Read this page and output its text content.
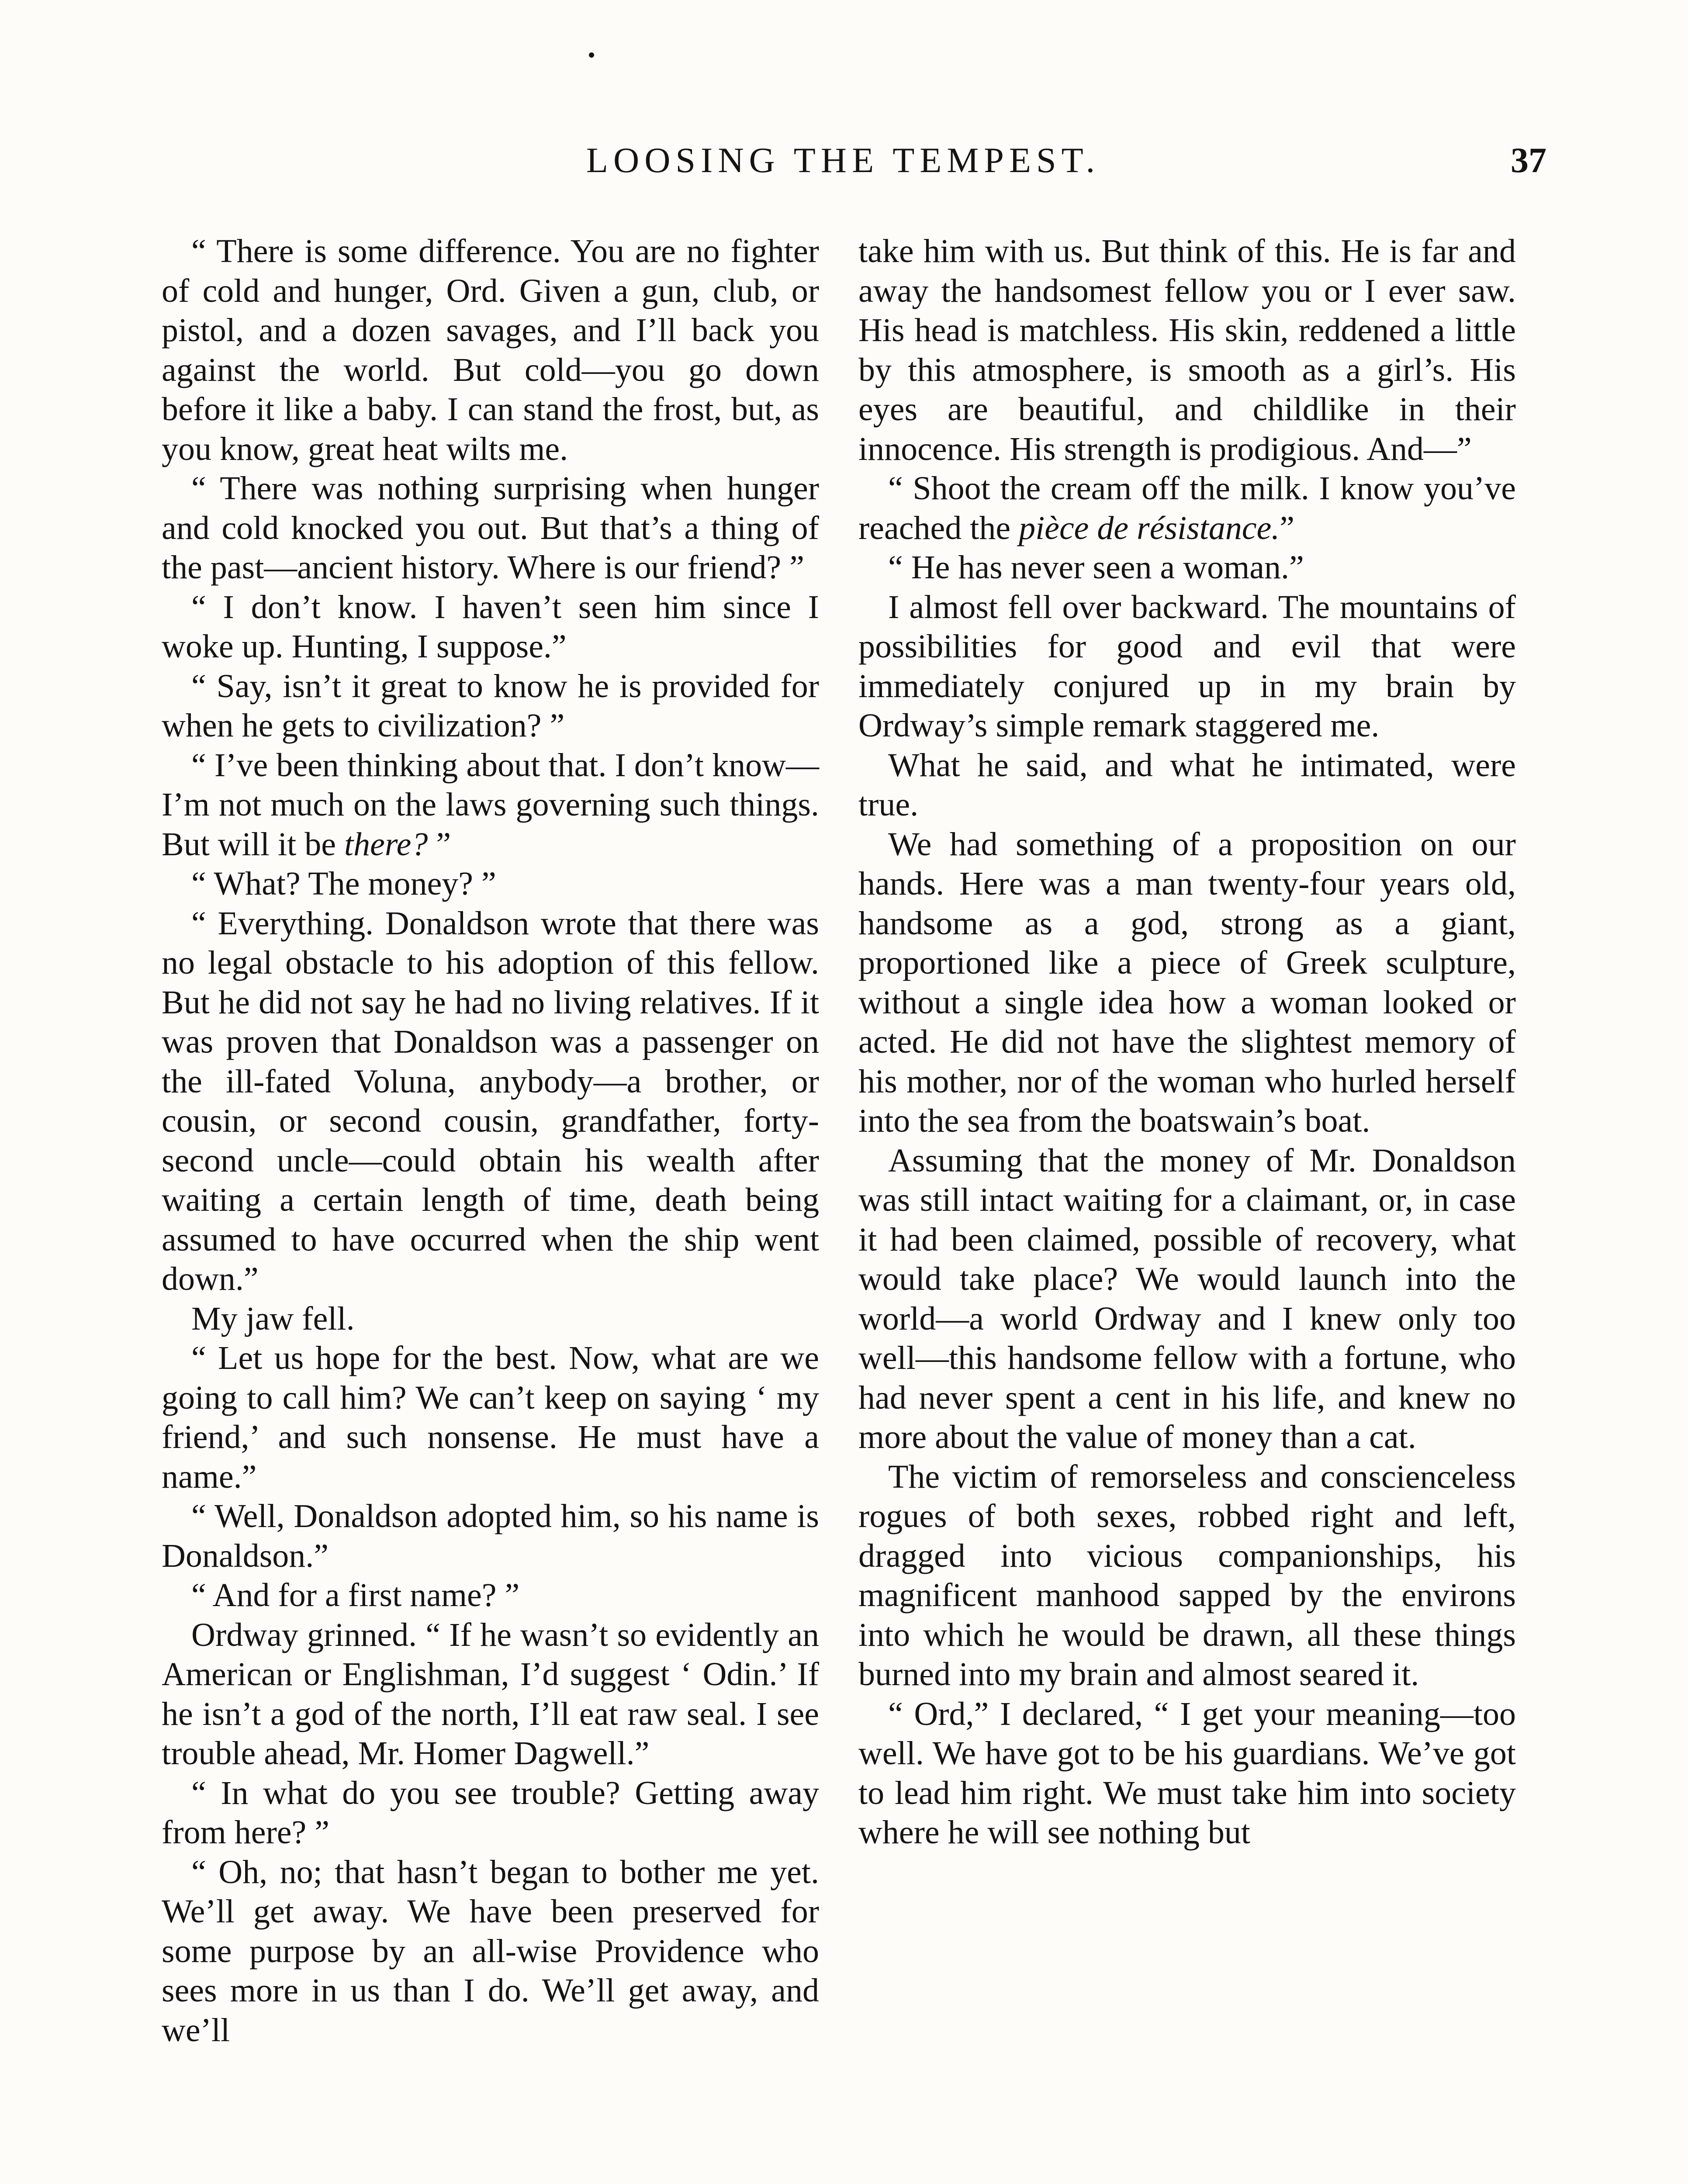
LOOSING THE TEMPEST.	37

“ There is some difference. You are no fighter of cold and hunger, Ord. Given a gun, club, or pistol, and a dozen savages, and I’ll back you against the world. But cold—you go down before it like a baby. I can stand the frost, but, as you know, great heat wilts me.

“ There was nothing surprising when hunger and cold knocked you out. But that’s a thing of the past—ancient history. Where is our friend? ”

“ I don’t know. I haven’t seen him since I woke up. Hunting, I suppose.”

“ Say, isn’t it great to know he is provided for when he gets to civilization? ”

“ I’ve been thinking about that. I don’t know—I’m not much on the laws governing such things. But will it be there? ”

“ What? The money? ”

“ Everything. Donaldson wrote that there was no legal obstacle to his adoption of this fellow. But he did not say he had no living relatives. If it was proven that Donaldson was a passenger on the ill-fated Voluna, anybody—a brother, or cousin, or second cousin, grandfather, forty-second uncle—could obtain his wealth after waiting a certain length of time, death being assumed to have occurred when the ship went down.”

My jaw fell.

“ Let us hope for the best. Now, what are we going to call him? We can’t keep on saying ‘ my friend,’ and such nonsense. He must have a name.”

“ Well, Donaldson adopted him, so his name is Donaldson.”

“ And for a first name? ”

Ordway grinned. “ If he wasn’t so evidently an American or Englishman, I’d suggest ‘ Odin.’ If he isn’t a god of the north, I’ll eat raw seal. I see trouble ahead, Mr. Homer Dagwell.”

“ In what do you see trouble? Getting away from here? ”

“ Oh, no; that hasn’t began to bother me yet. We’ll get away. We have been preserved for some purpose by an all-wise Providence who sees more in us than I do. We’ll get away, and we’ll

take him with us. But think of this. He is far and away the handsomest fellow you or I ever saw. His head is matchless. His skin, reddened a little by this atmosphere, is smooth as a girl’s. His eyes are beautiful, and childlike in their innocence. His strength is prodigious. And—”

“ Shoot the cream off the milk. I know you’ve reached the pièce de résistance.”

“ He has never seen a woman.”

I almost fell over backward. The mountains of possibilities for good and evil that were immediately conjured up in my brain by Ordway’s simple remark staggered me.

What he said, and what he intimated, were true.

We had something of a proposition on our hands. Here was a man twenty-four years old, handsome as a god, strong as a giant, proportioned like a piece of Greek sculpture, without a single idea how a woman looked or acted. He did not have the slightest memory of his mother, nor of the woman who hurled herself into the sea from the boatswain’s boat.

Assuming that the money of Mr. Donaldson was still intact waiting for a claimant, or, in case it had been claimed, possible of recovery, what would take place? We would launch into the world—a world Ordway and I knew only too well—this handsome fellow with a fortune, who had never spent a cent in his life, and knew no more about the value of money than a cat.

The victim of remorseless and conscienceless rogues of both sexes, robbed right and left, dragged into vicious companionships, his magnificent manhood sapped by the environs into which he would be drawn, all these things burned into my brain and almost seared it.

“ Ord,” I declared, “ I get your meaning—too well. We have got to be his guardians. We’ve got to lead him right. We must take him into society where he will see nothing but
